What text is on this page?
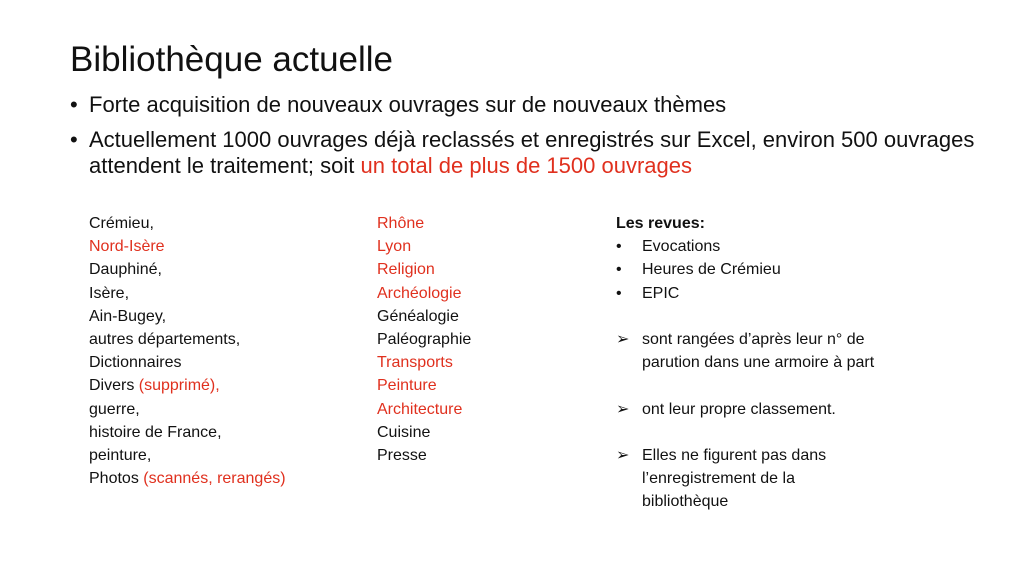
Bibliothèque actuelle
• Forte acquisition de nouveaux ouvrages sur de nouveaux thèmes
• Actuellement 1000 ouvrages déjà reclassés et enregistrés sur Excel, environ 500 ouvrages attendent le traitement; soit un total de plus de 1500 ouvrages
Crémieu,
Nord-Isère
Dauphiné,
Isère,
Ain-Bugey,
autres départements,
Dictionnaires
Divers (supprimé),
guerre,
histoire de France,
peinture,
Photos (scannés, rerangés)
Rhône
Lyon
Religion
Archéologie
Généalogie
Paléographie
Transports
Peinture
Architecture
Cuisine
Presse
Les revues:
• Evocations
• Heures de Crémieu
• EPIC
➢ sont rangées d’après leur n° de
parution dans une armoire à part
➢ ont leur propre classement.
➢ Elles ne figurent pas dans
l’enregistrement de la
bibliothèque
